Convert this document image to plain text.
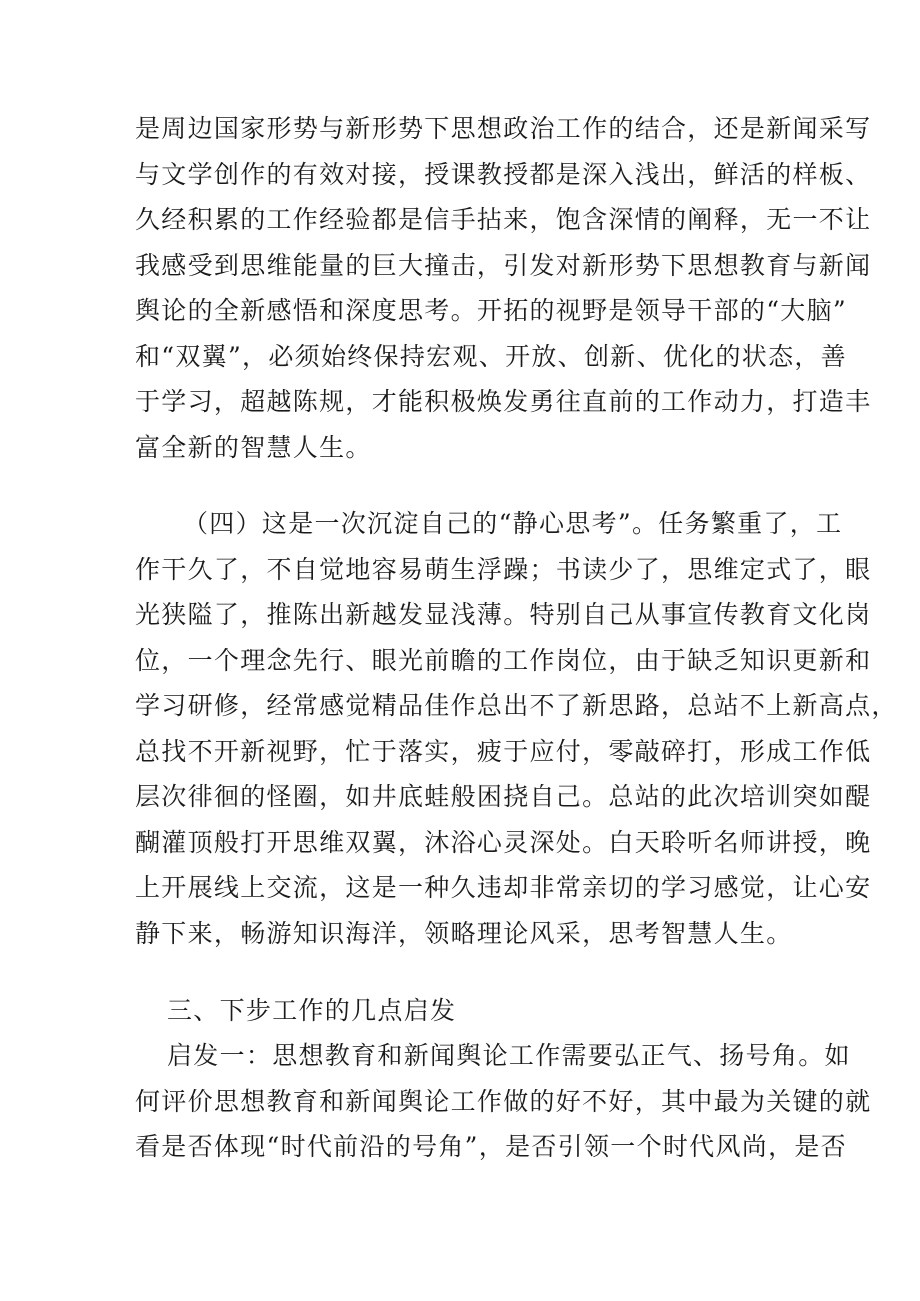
是周边国家形势与新形势下思想政治工作的结合，还是新闻采写
与文学创作的有效对接，授课教授都是深入浅出，鲜活的样板、
久经积累的工作经验都是信手拈来，饱含深情的阐释，无一不让
我感受到思维能量的巨大撞击，引发对新形势下思想教育与新闻
舆论的全新感悟和深度思考。开拓的视野是领导干部的“大脑”
和“双翼”，必须始终保持宏观、开放、创新、优化的状态，善
于学习，超越陈规，才能积极焕发勇往直前的工作动力，打造丰
富全新的智慧人生。
（四）这是一次沉淀自己的“静心思考”。任务繁重了，工
作干久了，不自觉地容易萌生浮躁；书读少了，思维定式了，眼
光狭隘了，推陈出新越发显浅薄。特别自己从事宣传教育文化岗
位，一个理念先行、眼光前瞻的工作岗位，由于缺乏知识更新和
学习研修，经常感觉精品佳作总出不了新思路，总站不上新高点，
总找不开新视野，忙于落实，疲于应付，零敲碎打，形成工作低
层次徘徊的怪圈，如井底蛙般困挠自己。总站的此次培训突如醍
醐灌顶般打开思维双翼，沐浴心灵深处。白天聆听名师讲授，晚
上开展线上交流，这是一种久违却非常亲切的学习感觉，让心安
静下来，畅游知识海洋，领略理论风采，思考智慧人生。
三、下步工作的几点启发
启发一：思想教育和新闻舆论工作需要弘正气、扬号角。如
何评价思想教育和新闻舆论工作做的好不好，其中最为关键的就
看是否体现“时代前沿的号角”，是否引领一个时代风尚，是否
